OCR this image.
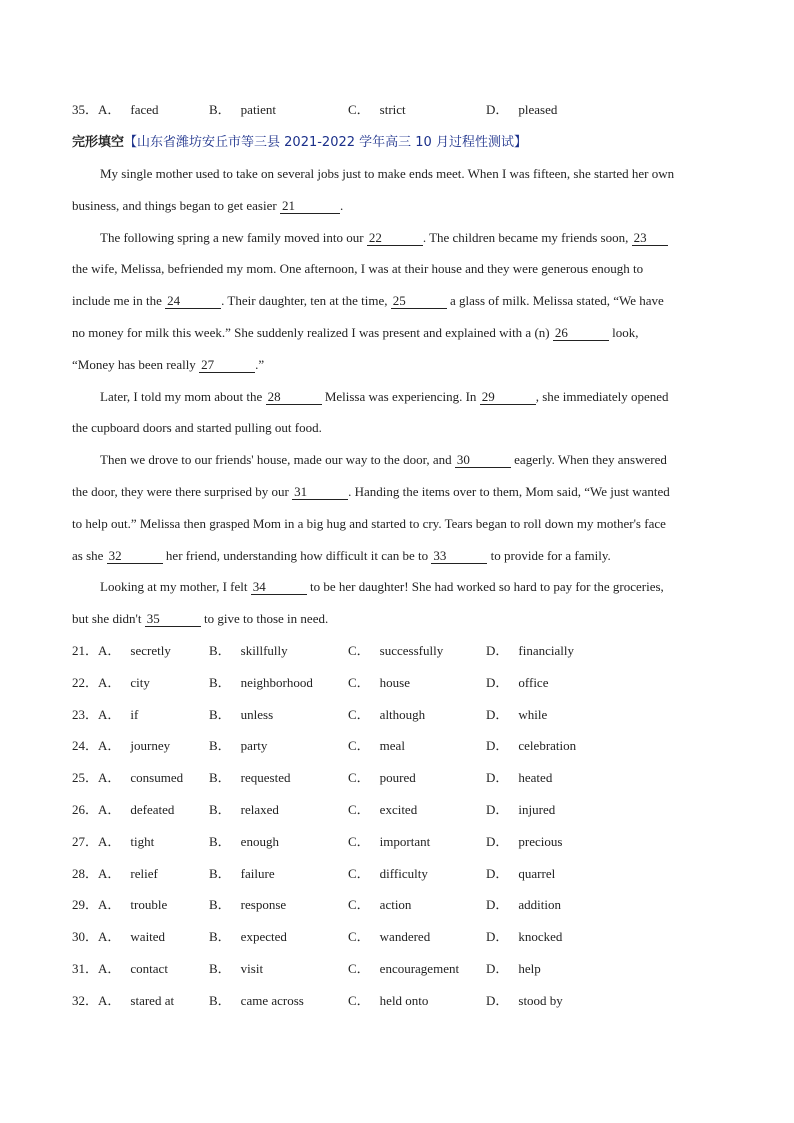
35．A． faced	B． patient	C． strict	D． pleased
完形填空【山东省潍坊安丘市等三县 2021-2022 学年高三 10 月过程性测试】
My single mother used to take on several jobs just to make ends meet. When I was fifteen, she started her own
business, and things began to get easier 21	.
The following spring a new family moved into our 22	. The children became my friends soon, 23
the wife, Melissa, befriended my mom. One afternoon, I was at their house and they were generous enough to
include me in the 24	. Their daughter, ten at the time, 25	a glass of milk. Melissa stated, “We have
no money for milk this week.” She suddenly realized I was present and explained with a (n) 26	look,
“Money has been really 27	.”
Later, I told my mom about the 28	Melissa was experiencing. In 29	, she immediately opened
the cupboard doors and started pulling out food.
Then we drove to our friends' house, made our way to the door, and 30	eagerly. When they answered
the door, they were there surprised by our 31	. Handing the items over to them, Mom said, “We just wanted
to help out.” Melissa then grasped Mom in a big hug and started to cry. Tears began to roll down my mother's face
as she 32	her friend, understanding how difficult it can be to 33	to provide for a family.
Looking at my mother, I felt 34	to be her daughter! She had worked so hard to pay for the groceries,
but she didn't 35	to give to those in need.
21．A． secretly	B． skillfully	C． successfully	D． financially
22．A． city	B． neighborhood	C． house	D． office
23．A． if	B． unless	C． although	D． while
24．A． journey	B． party	C． meal	D． celebration
25．A． consumed B． requested	C． poured	D． heated
26．A． defeated	B． relaxed	C． excited	D． injured
27．A． tight	B． enough	C． important	D． precious
28．A． relief	B． failure	C． difficulty	D． quarrel
29．A． trouble	B． response	C． action	D． addition
30．A． waited	B． expected	C． wandered	D． knocked
31．A． contact	B． visit	C． encouragement D． help
32．A． stared at	B． came across	C． held onto	D． stood by
